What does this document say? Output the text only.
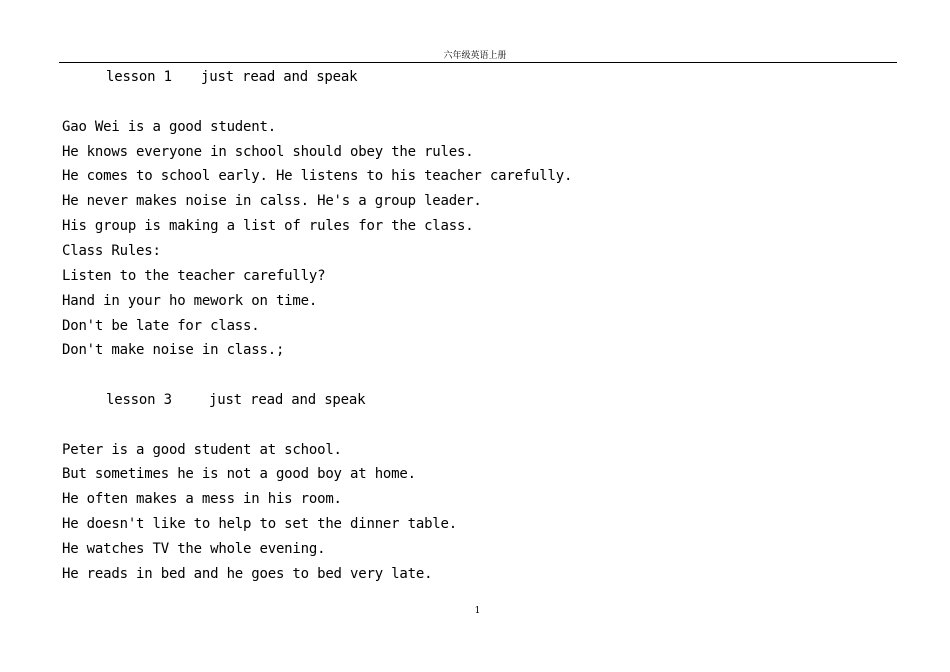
六年级英语上册
lesson 1 just read and speak
Gao Wei is a good student.
He knows everyone in school should obey the rules.
He comes to school early. He listens to his teacher carefully.
He never makes noise in calss. He's a group leader.
His group is making a list of rules for the class.
Class Rules:
Listen to the teacher carefully?
Hand in your ho mework on time.
Don't be late for class.
Don't make noise in class.;
lesson 3	just read and speak
Peter is a good student at school.
But sometimes he is not a good boy at home.
He often makes a mess in his room.
He doesn't like to help to set the dinner table.
He watches TV the whole evening.
He reads in bed and he goes to bed very late.
1
